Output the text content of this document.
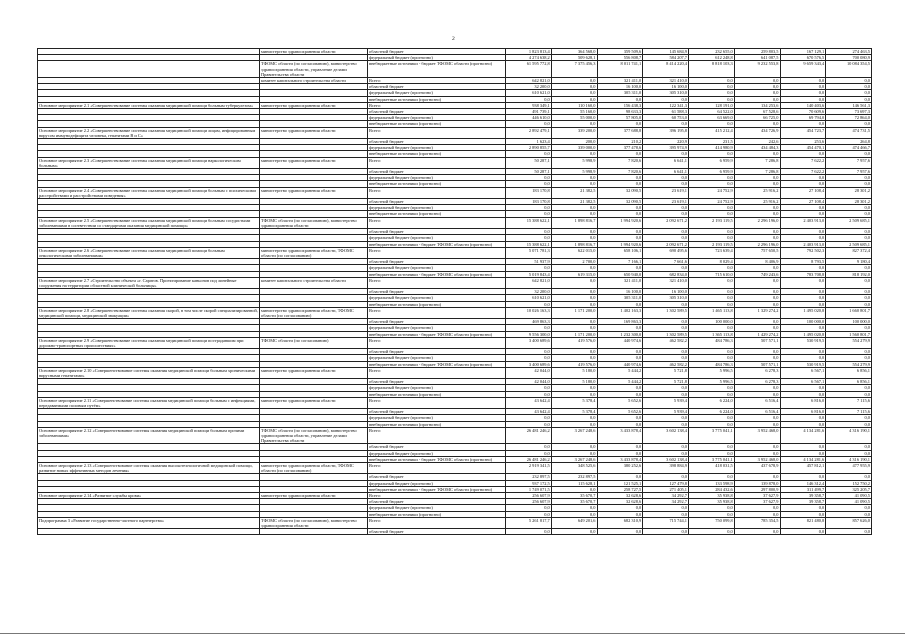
2
	министерство здравоохранения области	областной бюджет	1 823 813,4	364 568,0	359 509,6	145 684,9	232 655,0	259 803,5	167 129,1	274 463,5
		федеральный бюджет (прогнозно)	4 274 638,2	509 628,1	556 808,7	584 207,7	612 248,8	641 087,5	670 576,5	700 080,9
	ТФОМС области (по согласованию), министерство здравоохранения области, управление делами Правительства области	внебюджетные источники - бюджет ТФОМС области (прогнозно)	61 595 772,8	7 375 456,3	8 011 741,1	8 414 220,4	8 818 103,3	9 232 553,8	9 659 343,4	10 084 354,5
	комитет капитального строительства области	Всего:	642 821,0	0,0	321 411,0	321 410,0	0,0	0,0	0,0	0,0
		областной бюджет	32 200,0	0,0	16 100,0	16 100,0	0,0	0,0	0,0	0,0
		федеральный бюджет (прогнозно)	610 621,0	0,0	305 311,0	305 310,0	0,0	0,0	0,0	0,0
		внебюджетные источники (прогнозно)	0,0	0,0	0,0	0,0	0,0	0,0	0,0	0,0
Основное мероприятие 2.1 «Совершенствование системы оказания медицинской помощи больным туберкулезом»	министерство здравоохранения области	Всего:	938 349,1	110 160,0	156 438,3	122 341,3	128 191,0	134 253,6	140 403,6	146 561,3
		областной бюджет	491 739,1	55 160,0	98 633,3	61 588,3	64 522,0	67 528,6	70 609,6	73 697,3
		федеральный бюджет (прогнозно)	446 610,0	55 000,0	57 805,0	60 753,0	63 669,0	66 725,0	69 794,0	72 864,0
		внебюджетные источники (прогнозно)	0,0	0,0	0,0	0,0	0,0	0,0	0,0	0,0
Основное мероприятие 2.2 «Совершенствование системы оказания медицинской помощи лицам, инфицированным вирусом иммунодефицита человека, гепатитами B и C»	министерство здравоохранения области	Всего:	2 892 479,1	339 200,0	377 688,8	396 195,8	415 212,4	434 726,9	454 723,7	474 731,5
		областной бюджет	1 623,4	200,0	210,2	220,9	231,5	242,6	253,6	264,8
		федеральный бюджет (прогнозно)	2 890 855,7	339 000,0	377 478,6	395 974,9	414 980,9	434 484,3	454 470,1	474 466,7
		внебюджетные источники (прогнозно)	0,0	0,0	0,0	0,0	0,0	0,0	0,0	0,0
Основное мероприятие 2.3 «Совершенствование системы оказания медицинской помощи наркологическим больным»	министерство здравоохранения области	Всего:	50 287,1	5 998,9	7 820,6	6 641,1	6 959,9	7 286,8	7 622,2	7 957,6
		областной бюджет	50 287,1	5 998,9	7 820,6	6 641,1	6 959,9	7 286,8	7 622,2	7 957,6
		федеральный бюджет (прогнозно)	0,0	0,0	0,0	0,0	0,0	0,0	0,0	0,0
		внебюджетные источники (прогнозно)	0,0	0,0	0,0	0,0	0,0	0,0	0,0	0,0
Основное мероприятие 2.4 «Совершенствование системы оказания медицинской помощи больным с психическими расстройствами и расстройствами поведения»	министерство здравоохранения области	Всего:	183 170,8	21 382,5	32 090,5	23 619,1	24 752,9	25 916,2	27 108,4	28 301,2
		областной бюджет	183 170,8	21 382,5	32 090,5	23 619,1	24 752,9	25 916,2	27 108,4	28 301,2
		федеральный бюджет (прогнозно)	0,0	0,0	0,0	0,0	0,0	0,0	0,0	0,0
		внебюджетные источники (прогнозно)	0,0	0,0	0,0	0,0	0,0	0,0	0,0	0,0
Основное мероприятие 2.5 «Совершенствование системы оказания медицинской помощи больным сосудистыми заболеваниями в соответствии со стандартами оказания медицинской помощи»	ТФОМС области (по согласованию), министерство здравоохранения области	Всего:	15 388 622,1	1 898 816,7	1 994 920,6	2 092 671,2	2 193 119,5	2 296 196,0	2 403 913,0	2 509 685,1
		областной бюджет	0,0	0,0	0,0	0,0	0,0	0,0	0,0	0,0
		федеральный бюджет (прогнозно)	0,0	0,0	0,0	0,0	0,0	0,0	0,0	0,0
		внебюджетные источники - бюджет ТФОМС области (прогнозно)	15 388 622,1	1 898 816,7	1 994 920,6	2 092 671,2	2 193 119,5	2 296 196,0	2 403 913,0	2 509 685,1
Основное мероприятие 2.6 «Совершенствование системы оказания медицинской помощи больным онкологическими заболеваниями»	министерство здравоохранения области, ТФОМС области (по согласованию)	Всего:	5 071 781,3	622 015,0	658 106,1	690 495,6	723 639,4	757 650,5	792 502,3	827 372,4
		областной бюджет	51 937,9	2 700,0	7 166,1	7 661,6	8 029,4	8 406,9	8 793,5	9 180,4
		федеральный бюджет (прогнозно)	0,0	0,0	0,0	0,0	0,0	0,0	0,0	0,0
		внебюджетные источники - бюджет ТФОМС области (прогнозно)	5 019 843,4	619 315,0	650 940,0	682 834,0	715 610,0	749 243,6	783 708,8	818 192,0
Основное мероприятие 2.7 «Строительство объекта «г. Саратов. Проектирование каньонов под линейные сооружения на территории областной клинической больницы»	комитет капитального строительства области	Всего:	642 821,0	0,0	321 411,0	321 410,0	0,0	0,0	0,0	0,0
		областной бюджет	32 200,0	0,0	16 100,0	16 100,0	0,0	0,0	0,0	0,0
		федеральный бюджет (прогнозно)	610 621,0	0,0	305 311,0	305 310,0	0,0	0,0	0,0	0,0
		внебюджетные источники (прогнозно)	0,0	0,0	0,0	0,0	0,0	0,0	0,0	0,0
Основное мероприятие 2.8 «Совершенствование системы оказания скорой, в том числе скорой специализированной, медицинской помощи, медицинской эвакуации»	министерство здравоохранения области, ТФОМС области (по согласованию)	Всего:	10 026 163,3	1 171 200,0	1 402 163,3	1 302 589,5	1 465 113,8	1 329 274,2	1 495 020,8	1 660 801,7
		областной бюджет	469 863,3	0,0	169 863,3	0,0	100 000,0	0,0	100 000,0	100 000,0
		федеральный бюджет (прогнозно)	0,0	0,0	0,0	0,0	0,0	0,0	0,0	0,0
		внебюджетные источники - бюджет ТФОМС области (прогнозно)	9 556 300,0	1 171 200,0	1 232 300,0	1 302 589,5	1 365 113,8	1 429 274,2	1 495 020,8	1 560 801,7
Основное мероприятие 2.9 «Совершенствование системы оказания медицинской помощи пострадавшим при дорожно-транспортных происшествиях»	ТФОМС области (по согласованию)	Всего:	3 400 689,6	419 576,0	440 974,6	462 582,2	484 786,3	507 571,1	530 919,5	554 279,9
		областной бюджет	0,0	0,0	0,0	0,0	0,0	0,0	0,0	0,0
		федеральный бюджет (прогнозно)	0,0	0,0	0,0	0,0	0,0	0,0	0,0	0,0
		внебюджетные источники - бюджет ТФОМС области (прогнозно)	3 400 689,6	419 576,0	440 974,6	462 582,2	484 786,3	507 571,1	530 919,5	554 279,9
Основное мероприятие 2.10 «Совершенствование системы оказания медицинской помощи больным хроническими вирусными гепатитами»	министерство здравоохранения области	Всего:	42 044,0	5 180,0	5 444,2	5 721,8	5 996,5	6 278,3	6 567,1	6 856,1
		областной бюджет	42 044,0	5 180,0	5 444,2	5 721,8	5 996,5	6 278,3	6 567,1	6 856,1
		федеральный бюджет (прогнозно)	0,0	0,0	0,0	0,0	0,0	0,0	0,0	0,0
		внебюджетные источники (прогнозно)	0,0	0,0	0,0	0,0	0,0	0,0	0,0	0,0
Основное мероприятие 2.11 «Совершенствование системы оказания медицинской помощи больным с инфекциями, передаваемыми половым путём»	министерство здравоохранения области	Всего:	43 642,4	5 378,4	5 652,6	5 939,4	6 224,0	6 516,4	6 816,0	7 115,6
		областной бюджет	43 642,4	5 378,4	5 652,6	5 939,4	6 224,0	6 516,4	6 816,0	7 115,6
		федеральный бюджет (прогнозно)	0,0	0,0	0,0	0,0	0,0	0,0	0,0	0,0
		внебюджетные источники (прогнозно)	0,0	0,0	0,0	0,0	0,0	0,0	0,0	0,0
Основное мероприятие 2.12 «Совершенствование системы оказания медицинской помощи больным прочими заболеваниями»	ТФОМС области (по согласованию), министерство здравоохранения области, управление делами Правительства области	Всего:	26 481 246,2	3 267 248,6	3 433 878,4	3 602 138,4	3 775 041,1	3 952 468,0	4 134 281,6	4 316 190,1
		областной бюджет	0,0	0,0	0,0	0,0	0,0	0,0	0,0	0,0
		федеральный бюджет (прогнозно)	0,0	0,0	0,0	0,0	0,0	0,0	0,0	0,0
		внебюджетные источники - бюджет ТФОМС области (прогнозно)	26 481 246,2	3 267 248,6	3 433 878,4	3 602 138,4	3 775 041,1	3 952 468,0	4 134 281,6	4 316 190,1
Основное мероприятие 2.13 «Совершенствование системы оказания высокотехнологичной медицинской помощи, развитие новых эффективных методов лечения»	министерство здравоохранения области, ТФОМС области (по согласованию)	Всего:	2 919 341,5	348 525,6	380 252,6	398 884,9	418 031,5	437 678,9	457 812,1	477 955,9
		областной бюджет	232 897,5	232 897,5	0,0	0,0	0,0	0,0	0,0	0,0
		федеральный бюджет (прогнозно)	937 172,5	115 628,1	121 525,1	127 479,8	133 598,9	139 878,0	146 312,4	152 750,2
		внебюджетные источники - бюджет ТФОМС области (прогнозно)	1 749 071,5	0,0	258 727,5	271 405,1	284 432,6	297 800,9	311 499,7	325 205,7
Основное мероприятие 2.14 «Развитие службы крови»	министерство здравоохранения области	Всего:	256 607,9	35 670,7	32 628,6	34 292,7	35 938,8	37 627,9	39 358,7	41 090,5
		областной бюджет	256 607,9	35 670,7	32 628,6	34 292,7	35 938,8	37 627,9	39 358,7	41 090,5
		федеральный бюджет (прогнозно)	0,0	0,0	0,0	0,0	0,0	0,0	0,0	0,0
		внебюджетные источники (прогнозно)	0,0	0,0	0,0	0,0	0,0	0,0	0,0	0,0
Подпрограмма 3 «Развитие государственно-частного партнерства»	ТФОМС области (по согласованию), министерство здравоохранения области	Всего:	5 261 817,7	649 201,6	682 310,9	715 744,1	750 099,8	785 354,5	821 480,8	857 626,0
		областной бюджет	0,0	0,0	0,0	0,0	0,0	0,0	0,0	0,0
